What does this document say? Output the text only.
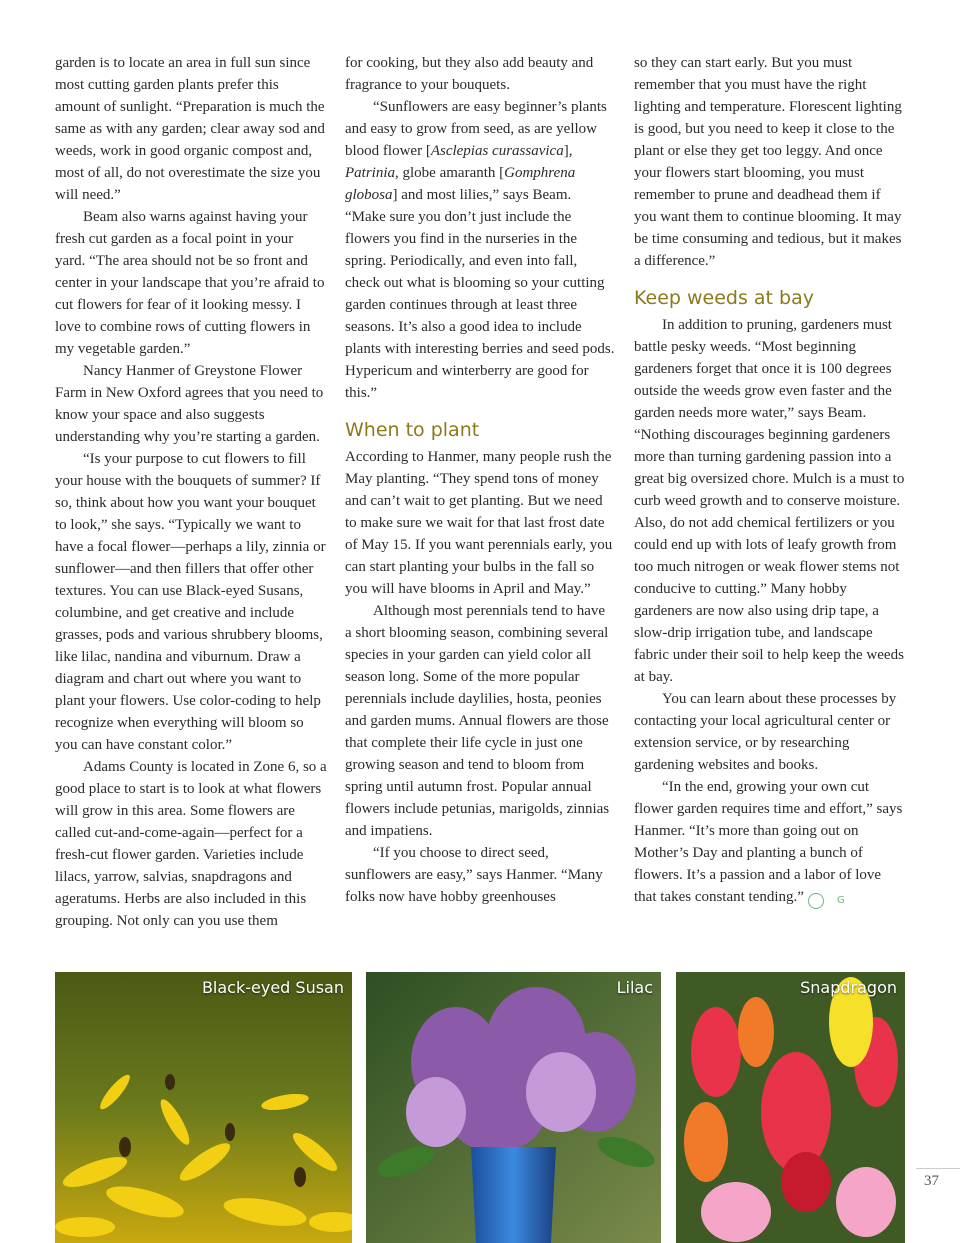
garden is to locate an area in full sun since most cutting garden plants prefer this amount of sunlight. “Preparation is much the same as with any garden; clear away sod and weeds, work in good organic compost and, most of all, do not overestimate the size you will need.”

Beam also warns against having your fresh cut garden as a focal point in your yard. “The area should not be so front and center in your landscape that you’re afraid to cut flowers for fear of it looking messy. I love to combine rows of cutting flowers in my vegetable garden.”

Nancy Hanmer of Greystone Flower Farm in New Oxford agrees that you need to know your space and also suggests understanding why you’re starting a garden.

“Is your purpose to cut flowers to fill your house with the bouquets of summer? If so, think about how you want your bouquet to look,” she says. “Typically we want to have a focal flower—perhaps a lily, zinnia or sunflower—and then fillers that offer other textures. You can use Black-eyed Susans, columbine, and get creative and include grasses, pods and various shrubbery blooms, like lilac, nandina and viburnum. Draw a diagram and chart out where you want to plant your flowers. Use color-coding to help recognize when everything will bloom so you can have constant color.”

Adams County is located in Zone 6, so a good place to start is to look at what flowers will grow in this area. Some flowers are called cut-and-come-again—perfect for a fresh-cut flower garden. Varieties include lilacs, yarrow, salvias, snapdragons and ageratums. Herbs are also included in this grouping. Not only can you use them

for cooking, but they also add beauty and fragrance to your bouquets.

“Sunflowers are easy beginner’s plants and easy to grow from seed, as are yellow blood flower [Asclepias curassavica], Patrinia, globe amaranth [Gomphrena globosa] and most lilies,” says Beam. “Make sure you don’t just include the flowers you find in the nurseries in the spring. Periodically, and even into fall, check out what is blooming so your cutting garden continues through at least three seasons. It’s also a good idea to include plants with interesting berries and seed pods. Hypericum and winterberry are good for this.”

When to plant

According to Hanmer, many people rush the May planting. “They spend tons of money and can’t wait to get planting. But we need to make sure we wait for that last frost date of May 15. If you want perennials early, you can start planting your bulbs in the fall so you will have blooms in April and May.”

Although most perennials tend to have a short blooming season, combining several species in your garden can yield color all season long. Some of the more popular perennials include daylilies, hosta, peonies and garden mums. Annual flowers are those that complete their life cycle in just one growing season and tend to bloom from spring until autumn frost. Popular annual flowers include petunias, marigolds, zinnias and impatiens.

“If you choose to direct seed, sunflowers are easy,” says Hanmer. “Many folks now have hobby greenhouses

so they can start early. But you must remember that you must have the right lighting and temperature. Florescent lighting is good, but you need to keep it close to the plant or else they get too leggy. And once your flowers start blooming, you must remember to prune and deadhead them if you want them to continue blooming. It may be time consuming and tedious, but it makes a difference.”

Keep weeds at bay

In addition to pruning, gardeners must battle pesky weeds. “Most beginning gardeners forget that once it is 100 degrees outside the weeds grow even faster and the garden needs more water,” says Beam. “Nothing discourages beginning gardeners more than turning gardening passion into a great big oversized chore. Mulch is a must to curb weed growth and to conserve moisture. Also, do not add chemical fertilizers or you could end up with lots of leafy growth from too much nitrogen or weak flower stems not conducive to cutting.” Many hobby gardeners are now also using drip tape, a slow-drip irrigation tube, and landscape fabric under their soil to help keep the weeds at bay.

You can learn about these processes by contacting your local agricultural center or extension service, or by researching gardening websites and books.

“In the end, growing your own cut flower garden requires time and effort,” says Hanmer. “It’s more than going out on Mother’s Day and planting a bunch of flowers. It’s a passion and a labor of love that takes constant tending.”	G

Black-eyed Susan	Lilac	Snapdragon
37
